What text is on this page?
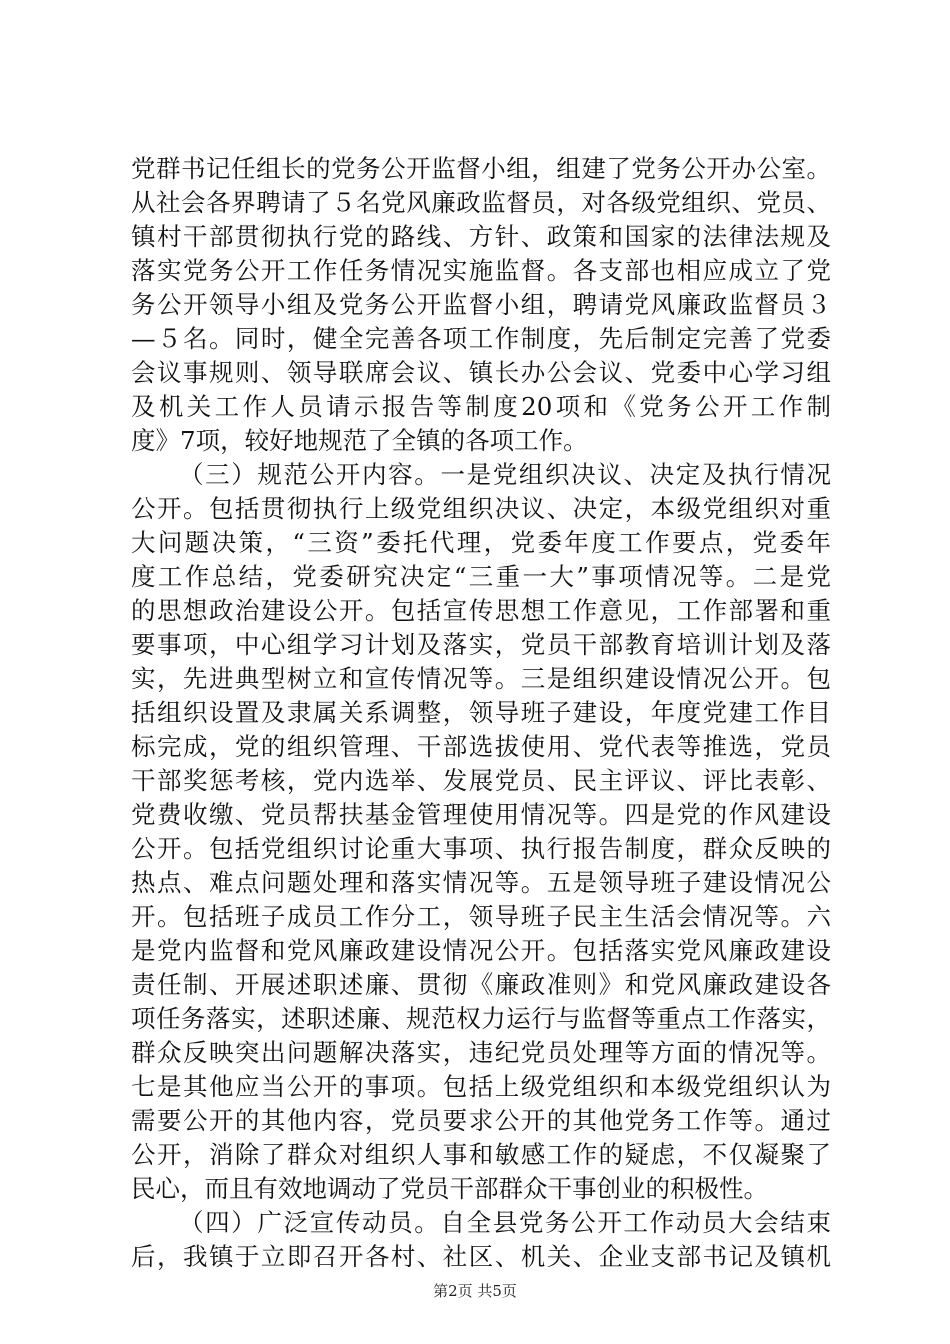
党群书记任组长的党务公开监督小组，组建了党务公开办公室。
从社会各界聘请了５名党风廉政监督员，对各级党组织、党员、
镇村干部贯彻执行党的路线、方针、政策和国家的法律法规及
落实党务公开工作任务情况实施监督。各支部也相应成立了党
务公开领导小组及党务公开监督小组，聘请党风廉政监督员３
—５名。同时，健全完善各项工作制度，先后制定完善了党委
会议事规则、领导联席会议、镇长办公会议、党委中心学习组
及机关工作人员请示报告等制度20项和《党务公开工作制
度》7项，较好地规范了全镇的各项工作。
（三）规范公开内容。一是党组织决议、决定及执行情况
公开。包括贯彻执行上级党组织决议、决定，本级党组织对重
大问题决策，“三资”委托代理，党委年度工作要点，党委年
度工作总结，党委研究决定“三重一大”事项情况等。二是党
的思想政治建设公开。包括宣传思想工作意见，工作部署和重
要事项，中心组学习计划及落实，党员干部教育培训计划及落
实，先进典型树立和宣传情况等。三是组织建设情况公开。包
括组织设置及隶属关系调整，领导班子建设，年度党建工作目
标完成，党的组织管理、干部选拔使用、党代表等推选，党员
干部奖惩考核，党内选举、发展党员、民主评议、评比表彰、
党费收缴、党员帮扶基金管理使用情况等。四是党的作风建设
公开。包括党组织讨论重大事项、执行报告制度，群众反映的
热点、难点问题处理和落实情况等。五是领导班子建设情况公
开。包括班子成员工作分工，领导班子民主生活会情况等。六
是党内监督和党风廉政建设情况公开。包括落实党风廉政建设
责任制、开展述职述廉、贯彻《廉政准则》和党风廉政建设各
项任务落实，述职述廉、规范权力运行与监督等重点工作落实，
群众反映突出问题解决落实，违纪党员处理等方面的情况等。
七是其他应当公开的事项。包括上级党组织和本级党组织认为
需要公开的其他内容，党员要求公开的其他党务工作等。通过
公开，消除了群众对组织人事和敏感工作的疑虑，不仅凝聚了
民心，而且有效地调动了党员干部群众干事创业的积极性。
（四）广泛宣传动员。自全县党务公开工作动员大会结束
后，我镇于立即召开各村、社区、机关、企业支部书记及镇机
第2页 共5页
